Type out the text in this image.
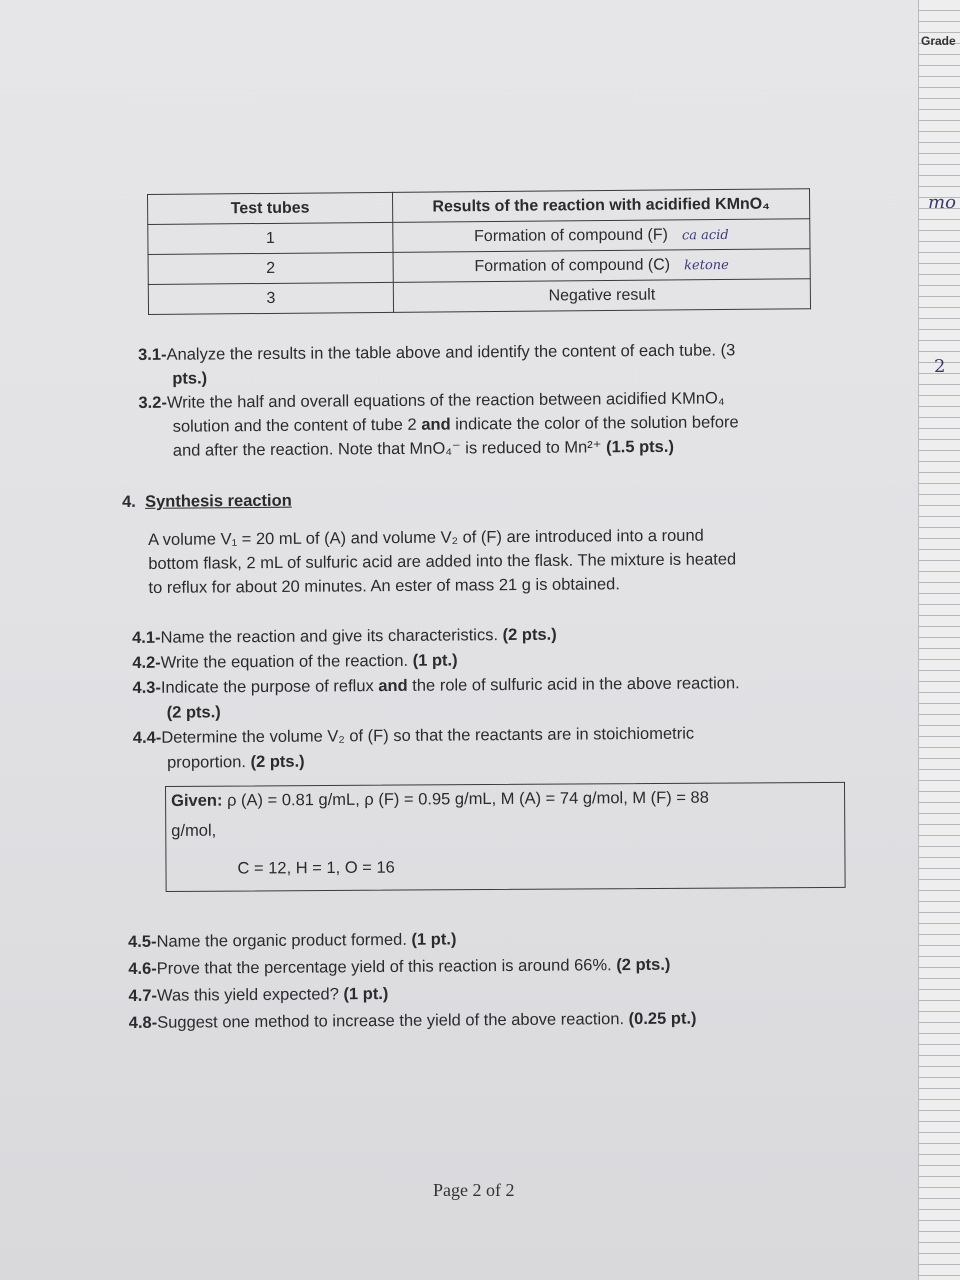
Grade
mo
2
Test tubes	Results of the reaction with acidified KMnO₄
1	Formation of compound (F) ca acid
2	Formation of compound (C) ketone
3	Negative result
3.1-Analyze the results in the table above and identify the content of each tube. (3
pts.)
3.2-Write the half and overall equations of the reaction between acidified KMnO₄
solution and the content of tube 2 and indicate the color of the solution before
and after the reaction. Note that MnO₄⁻ is reduced to Mn²⁺ (1.5 pts.)
4. Synthesis reaction
A volume V₁ = 20 mL of (A) and volume V₂ of (F) are introduced into a round
bottom flask, 2 mL of sulfuric acid are added into the flask. The mixture is heated
to reflux for about 20 minutes. An ester of mass 21 g is obtained.
4.1-Name the reaction and give its characteristics. (2 pts.)
4.2-Write the equation of the reaction. (1 pt.)
4.3-Indicate the purpose of reflux and the role of sulfuric acid in the above reaction.
(2 pts.)
4.4-Determine the volume V₂ of (F) so that the reactants are in stoichiometric
proportion. (2 pts.)
Given: ρ (A) = 0.81 g/mL, ρ (F) = 0.95 g/mL, M (A) = 74 g/mol, M (F) = 88
g/mol,
C = 12, H = 1, O = 16
4.5-Name the organic product formed. (1 pt.)
4.6-Prove that the percentage yield of this reaction is around 66%. (2 pts.)
4.7-Was this yield expected? (1 pt.)
4.8-Suggest one method to increase the yield of the above reaction. (0.25 pt.)
Page 2 of 2
